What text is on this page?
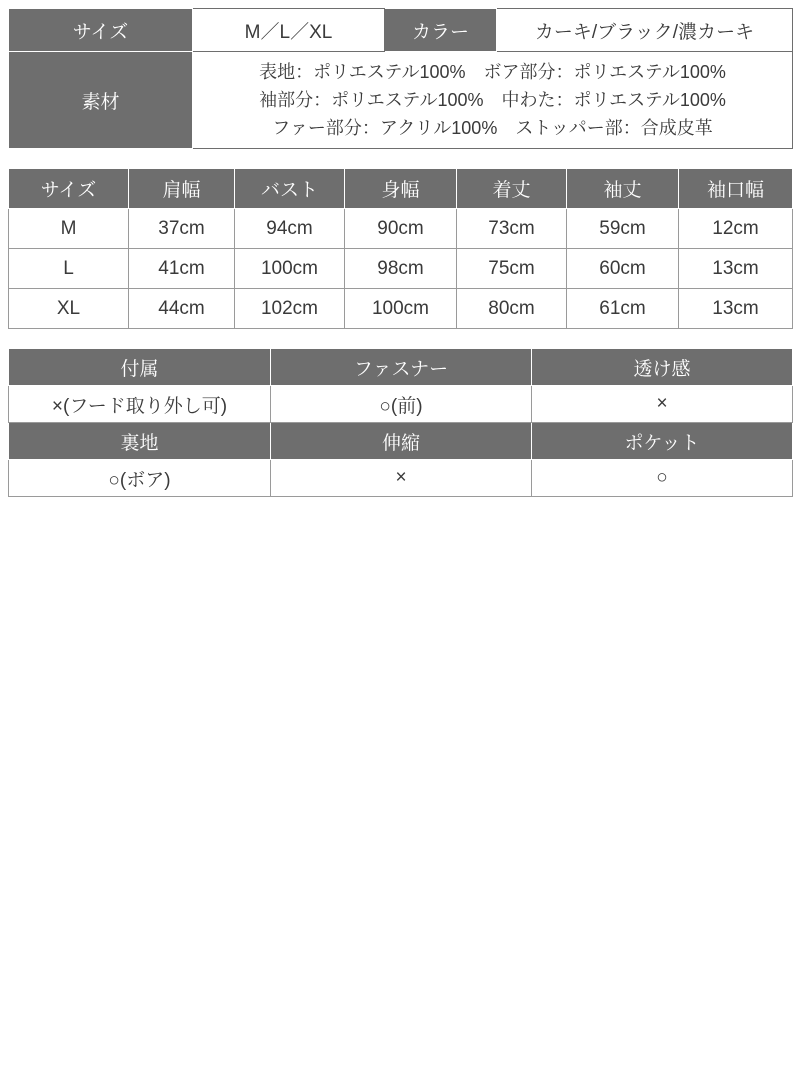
サイズ	M／L／XL	カラー	カーキ/ブラック/濃カーキ
素材	表地：ポリエステル100%　ボア部分：ポリエステル100%
袖部分：ポリエステル100%　中わた：ポリエステル100%
ファー部分：アクリル100%　ストッパー部：合成皮革		
サイズ	肩幅	バスト	身幅	着丈	袖丈	袖口幅
M	37cm	94cm	90cm	73cm	59cm	12cm
L	41cm	100cm	98cm	75cm	60cm	13cm
XL	44cm	102cm	100cm	80cm	61cm	13cm
付属	ファスナー	透け感
×(フード取り外し可)	○(前)	×
裏地	伸縮	ポケット
○(ボア)	×	○
